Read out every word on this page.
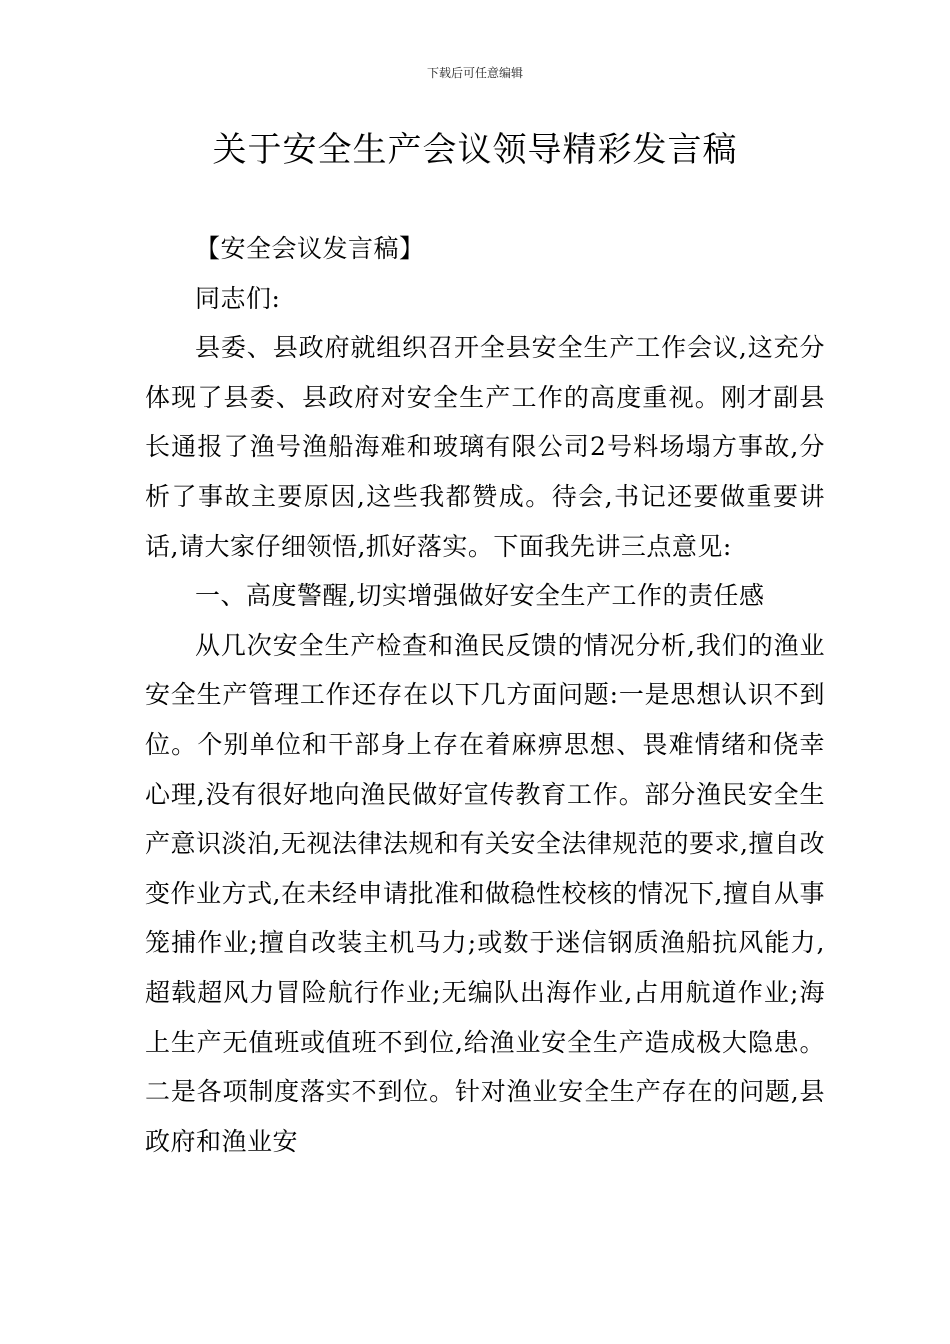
下载后可任意编辑
关于安全生产会议领导精彩发言稿

【安全会议发言稿】

同志们:

县委、县政府就组织召开全县安全生产工作会议,这充分体现了县委、县政府对安全生产工作的高度重视。刚才副县长通报了渔号渔船海难和玻璃有限公司2号料场塌方事故,分析了事故主要原因,这些我都赞成。待会,书记还要做重要讲话,请大家仔细领悟,抓好落实。下面我先讲三点意见:

一、高度警醒,切实增强做好安全生产工作的责任感

从几次安全生产检查和渔民反馈的情况分析,我们的渔业安全生产管理工作还存在以下几方面问题:一是思想认识不到位。个别单位和干部身上存在着麻痹思想、畏难情绪和侥幸心理,没有很好地向渔民做好宣传教育工作。部分渔民安全生产意识淡泊,无视法律法规和有关安全法律规范的要求,擅自改变作业方式,在未经申请批准和做稳性校核的情况下,擅自从事笼捕作业;擅自改装主机马力;或数于迷信钢质渔船抗风能力,超载超风力冒险航行作业;无编队出海作业,占用航道作业;海上生产无值班或值班不到位,给渔业安全生产造成极大隐患。二是各项制度落实不到位。针对渔业安全生产存在的问题,县政府和渔业安
